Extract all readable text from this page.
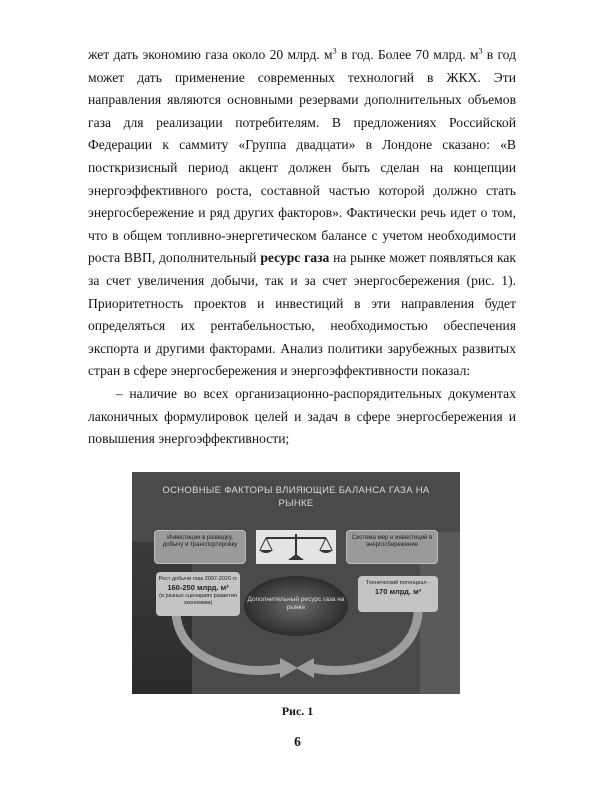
жет дать экономию газа около 20 млрд. $м^3$ в год. Более 70 млрд. $м^3$ в год может дать применение современных технологий в ЖКХ. Эти направления являются основными резервами дополнительных объемов газа для реализации потребителям. В предложениях Российской Федерации к саммиту «Группа двадцати» в Лондоне сказано: «В посткризисный период акцент должен быть сделан на концепции энергоэффективного роста, составной частью которой должно стать энергосбережение и ряд других факторов». Фактически речь идет о том, что в общем топливно-энергетическом балансе с учетом необходимости роста ВВП, дополнительный ресурс газа на рынке может появляться как за счет увеличения добычи, так и за счет энергосбережения (рис. 1). Приоритетность проектов и инвестиций в эти направления будет определяться их рентабельностью, необходимостью обеспечения экспорта и другими факторами. Анализ политики зарубежных развитых стран в сфере энергосбережения и энергоэффективности показал:

– наличие во всех организационно-распорядительных документах лаконичных формулировок целей и задач в сфере энергосбережения и повышения энергоэффективности;

ОСНОВНЫЕ ФАКТОРЫ ВЛИЯЮЩИЕ БАЛАНСА ГАЗА НА РЫНКЕ
Инвестиции в разведку, добычу и транспортировку
Система мер и инвестиций в энергосбережение
Рост добычи газа 2007-2020 гг.
160-250 млрд. м³
(в разных сценариях развития экономики)
Технический потенциал -
170 млрд. м³
Дополнительный ресурс газа на рынке
Рис. 1
6
